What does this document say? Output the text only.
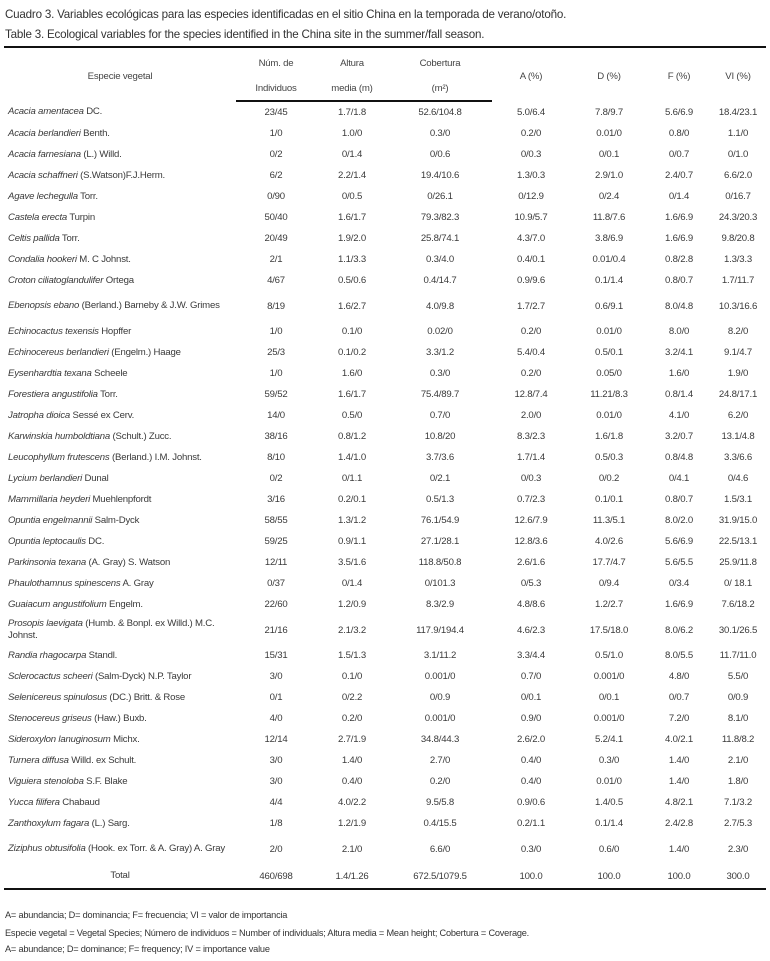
Cuadro 3. Variables ecológicas para las especies identificadas en el sitio China en la temporada de verano/otoño.
Table 3. Ecological variables for the species identified in the China site in the summer/fall season.
Especie vegetal	Núm. de	Altura	Cobertura	A (%)	D (%)	F (%)	VI (%)
	Individuos	media (m)	(m²)				
Acacia amentacea DC.	23/45	1.7/1.8	52.6/104.8	5.0/6.4	7.8/9.7	5.6/6.9	18.4/23.1
Acacia berlandieri Benth.	1/0	1.0/0	0.3/0	0.2/0	0.01/0	0.8/0	1.1/0
Acacia farnesiana (L.) Willd.	0/2	0/1.4	0/0.6	0/0.3	0/0.1	0/0.7	0/1.0
Acacia schaffneri (S.Watson)F.J.Herm.	6/2	2.2/1.4	19.4/10.6	1.3/0.3	2.9/1.0	2.4/0.7	6.6/2.0
Agave lechegulla Torr.	0/90	0/0.5	0/26.1	0/12.9	0/2.4	0/1.4	0/16.7
Castela erecta Turpin	50/40	1.6/1.7	79.3/82.3	10.9/5.7	11.8/7.6	1.6/6.9	24.3/20.3
Celtis pallida Torr.	20/49	1.9/2.0	25.8/74.1	4.3/7.0	3.8/6.9	1.6/6.9	9.8/20.8
Condalia hookeri M. C Johnst.	2/1	1.1/3.3	0.3/4.0	0.4/0.1	0.01/0.4	0.8/2.8	1.3/3.3
Croton ciliatoglandulifer Ortega	4/67	0.5/0.6	0.4/14.7	0.9/9.6	0.1/1.4	0.8/0.7	1.7/11.7
Ebenopsis ebano (Berland.) Barneby & J.W. Grimes	8/19	1.6/2.7	4.0/9.8	1.7/2.7	0.6/9.1	8.0/4.8	10.3/16.6
Echinocactus texensis Hopffer	1/0	0.1/0	0.02/0	0.2/0	0.01/0	8.0/0	8.2/0
Echinocereus berlandieri (Engelm.) Haage	25/3	0.1/0.2	3.3/1.2	5.4/0.4	0.5/0.1	3.2/4.1	9.1/4.7
Eysenhardtia texana Scheele	1/0	1.6/0	0.3/0	0.2/0	0.05/0	1.6/0	1.9/0
Forestiera angustifolia Torr.	59/52	1.6/1.7	75.4/89.7	12.8/7.4	11.21/8.3	0.8/1.4	24.8/17.1
Jatropha dioica Sessé ex Cerv.	14/0	0.5/0	0.7/0	2.0/0	0.01/0	4.1/0	6.2/0
Karwinskia humboldtiana (Schult.) Zucc.	38/16	0.8/1.2	10.8/20	8.3/2.3	1.6/1.8	3.2/0.7	13.1/4.8
Leucophyllum frutescens (Berland.) I.M. Johnst.	8/10	1.4/1.0	3.7/3.6	1.7/1.4	0.5/0.3	0.8/4.8	3.3/6.6
Lycium berlandieri Dunal	0/2	0/1.1	0/2.1	0/0.3	0/0.2	0/4.1	0/4.6
Mammillaria heyderi Muehlenpfordt	3/16	0.2/0.1	0.5/1.3	0.7/2.3	0.1/0.1	0.8/0.7	1.5/3.1
Opuntia engelmannii Salm-Dyck	58/55	1.3/1.2	76.1/54.9	12.6/7.9	11.3/5.1	8.0/2.0	31.9/15.0
Opuntia leptocaulis DC.	59/25	0.9/1.1	27.1/28.1	12.8/3.6	4.0/2.6	5.6/6.9	22.5/13.1
Parkinsonia texana (A. Gray) S. Watson	12/11	3.5/1.6	118.8/50.8	2.6/1.6	17.7/4.7	5.6/5.5	25.9/11.8
Phaulothamnus spinescens A. Gray	0/37	0/1.4	0/101.3	0/5.3	0/9.4	0/3.4	0/ 18.1
Guaiacum angustifolium Engelm.	22/60	1.2/0.9	8.3/2.9	4.8/8.6	1.2/2.7	1.6/6.9	7.6/18.2
Prosopis laevigata (Humb. & Bonpl. ex Willd.) M.C. Johnst.	21/16	2.1/3.2	117.9/194.4	4.6/2.3	17.5/18.0	8.0/6.2	30.1/26.5
Randia rhagocarpa Standl.	15/31	1.5/1.3	3.1/11.2	3.3/4.4	0.5/1.0	8.0/5.5	11.7/11.0
Sclerocactus scheeri (Salm-Dyck) N.P. Taylor	3/0	0.1/0	0.001/0	0.7/0	0.001/0	4.8/0	5.5/0
Selenicereus spinulosus (DC.) Britt. & Rose	0/1	0/2.2	0/0.9	0/0.1	0/0.1	0/0.7	0/0.9
Stenocereus griseus (Haw.) Buxb.	4/0	0.2/0	0.001/0	0.9/0	0.001/0	7.2/0	8.1/0
Sideroxylon lanuginosum Michx.	12/14	2.7/1.9	34.8/44.3	2.6/2.0	5.2/4.1	4.0/2.1	11.8/8.2
Turnera diffusa Willd. ex Schult.	3/0	1.4/0	2.7/0	0.4/0	0.3/0	1.4/0	2.1/0
Viguiera stenoloba S.F. Blake	3/0	0.4/0	0.2/0	0.4/0	0.01/0	1.4/0	1.8/0
Yucca filifera Chabaud	4/4	4.0/2.2	9.5/5.8	0.9/0.6	1.4/0.5	4.8/2.1	7.1/3.2
Zanthoxylum fagara (L.) Sarg.	1/8	1.2/1.9	0.4/15.5	0.2/1.1	0.1/1.4	2.4/2.8	2.7/5.3
Ziziphus obtusifolia (Hook. ex Torr. & A. Gray) A. Gray	2/0	2.1/0	6.6/0	0.3/0	0.6/0	1.4/0	2.3/0
Total	460/698	1.4/1.26	672.5/1079.5	100.0	100.0	100.0	300.0
A= abundancia; D= dominancia; F= frecuencia; VI = valor de importancia
Especie vegetal = Vegetal Species; Número de individuos = Number of individuals; Altura media = Mean height; Cobertura = Coverage.
A= abundance; D= dominance; F= frequency; IV = importance value
